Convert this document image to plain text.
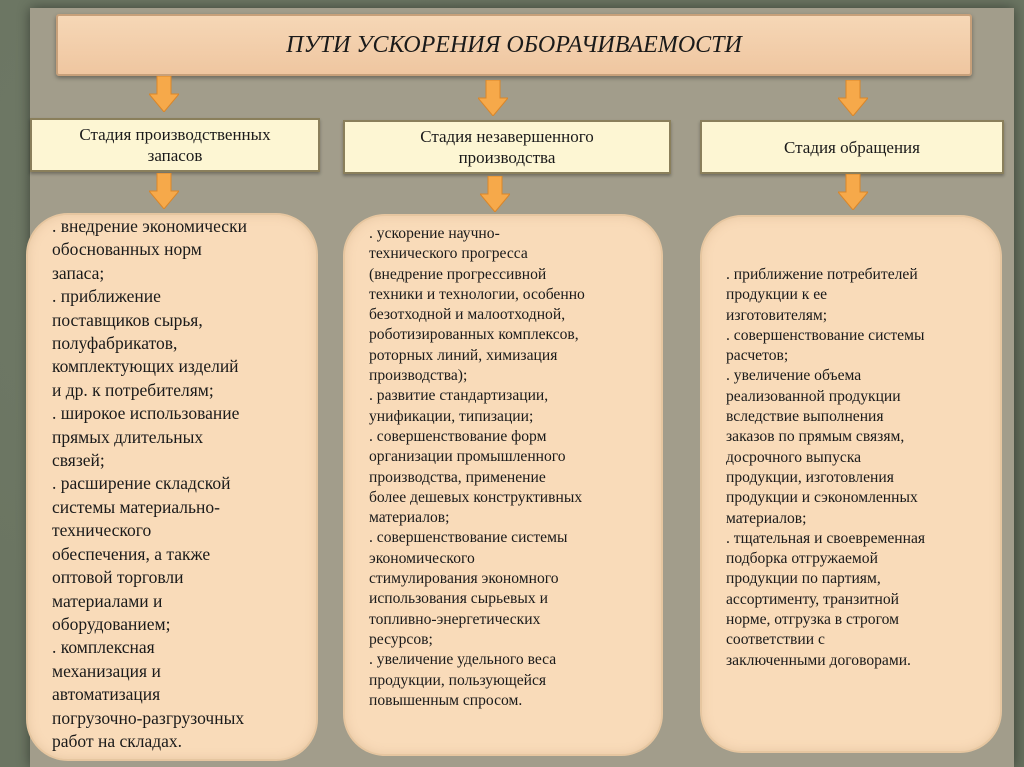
ПУТИ УСКОРЕНИЯ ОБОРАЧИВАЕМОСТИ
Стадия производственных
запасов
Стадия незавершенного
производства
Стадия обращения

. внедрение экономически
обоснованных норм
запаса;

. приближение
поставщиков сырья,
полуфабрикатов,
комплектующих изделий
и др. к потребителям;

. широкое использование
прямых длительных
связей;

. расширение складской
системы материально-
технического
обеспечения, а также
оптовой торговли
материалами и
оборудованием;

. комплексная
механизация и
автоматизация
погрузочно-разгрузочных
работ на складах.

. ускорение научно-
технического прогресса
(внедрение прогрессивной
техники и технологии, особенно
безотходной и малоотходной,
роботизированных комплексов,
роторных линий, химизация
производства);

. развитие стандартизации,
унификации, типизации;

. совершенствование форм
организации промышленного
производства, применение
более дешевых конструктивных
материалов;

. совершенствование системы
экономического
стимулирования экономного
использования сырьевых и
топливно-энергетических
ресурсов;

. увеличение удельного веса
продукции, пользующейся
повышенным спросом.

. приближение потребителей
продукции к ее
изготовителям;

. совершенствование системы
расчетов;

. увеличение объема
реализованной продукции
вследствие выполнения
заказов по прямым связям,
досрочного выпуска
продукции, изготовления
продукции и сэкономленных
материалов;

. тщательная и своевременная
подборка отгружаемой
продукции по партиям,
ассортименту, транзитной
норме, отгрузка в строгом
соответствии с
заключенными договорами.
